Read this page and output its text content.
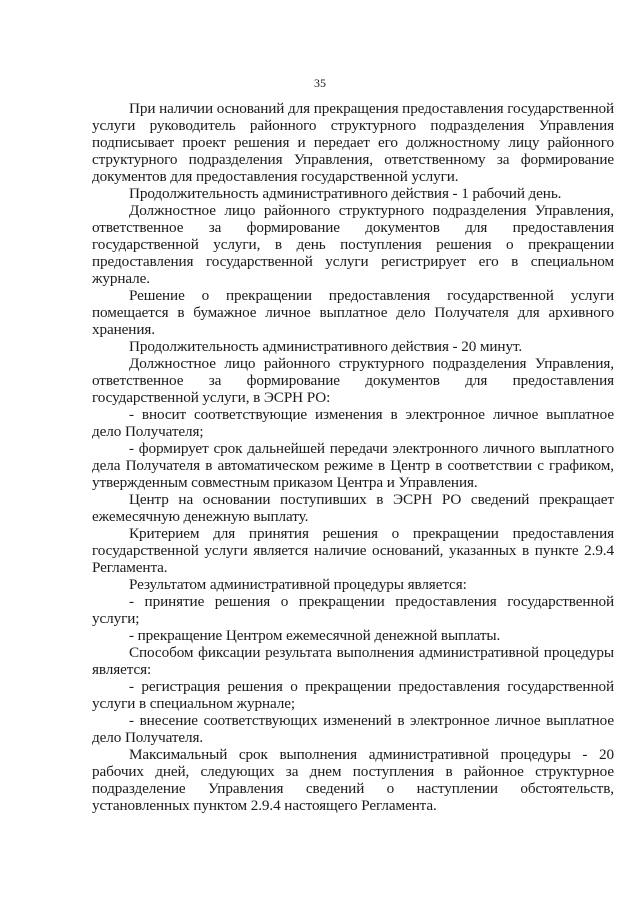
35

При наличии оснований для прекращения предоставления государственной услуги руководитель районного структурного подразделения Управления подписывает проект решения и передает его должностному лицу районного структурного подразделения Управления, ответственному за формирование документов для предоставления государственной услуги.

Продолжительность административного действия - 1 рабочий день.

Должностное лицо районного структурного подразделения Управления, ответственное за формирование документов для предоставления государственной услуги, в день поступления решения о прекращении предоставления государственной услуги регистрирует его в специальном журнале.

Решение о прекращении предоставления государственной услуги помещается в бумажное личное выплатное дело Получателя для архивного хранения.

Продолжительность административного действия - 20 минут.

Должностное лицо районного структурного подразделения Управления, ответственное за формирование документов для предоставления государственной услуги, в ЭСРН РО:

- вносит соответствующие изменения в электронное личное выплатное дело Получателя;

- формирует срок дальнейшей передачи электронного личного выплатного дела Получателя в автоматическом режиме в Центр в соответствии с графиком, утвержденным совместным приказом Центра и Управления.

Центр на основании поступивших в ЭСРН РО сведений прекращает ежемесячную денежную выплату.

Критерием для принятия решения о прекращении предоставления государственной услуги является наличие оснований, указанных в пункте 2.9.4 Регламента.

Результатом административной процедуры является:

- принятие решения о прекращении предоставления государственной услуги;

- прекращение Центром ежемесячной денежной выплаты.

Способом фиксации результата выполнения административной процедуры является:

- регистрация решения о прекращении предоставления государственной услуги в специальном журнале;

- внесение соответствующих изменений в электронное личное выплатное дело Получателя.

Максимальный срок выполнения административной процедуры - 20 рабочих дней, следующих за днем поступления в районное структурное подразделение Управления сведений о наступлении обстоятельств, установленных пунктом 2.9.4 настоящего Регламента.
